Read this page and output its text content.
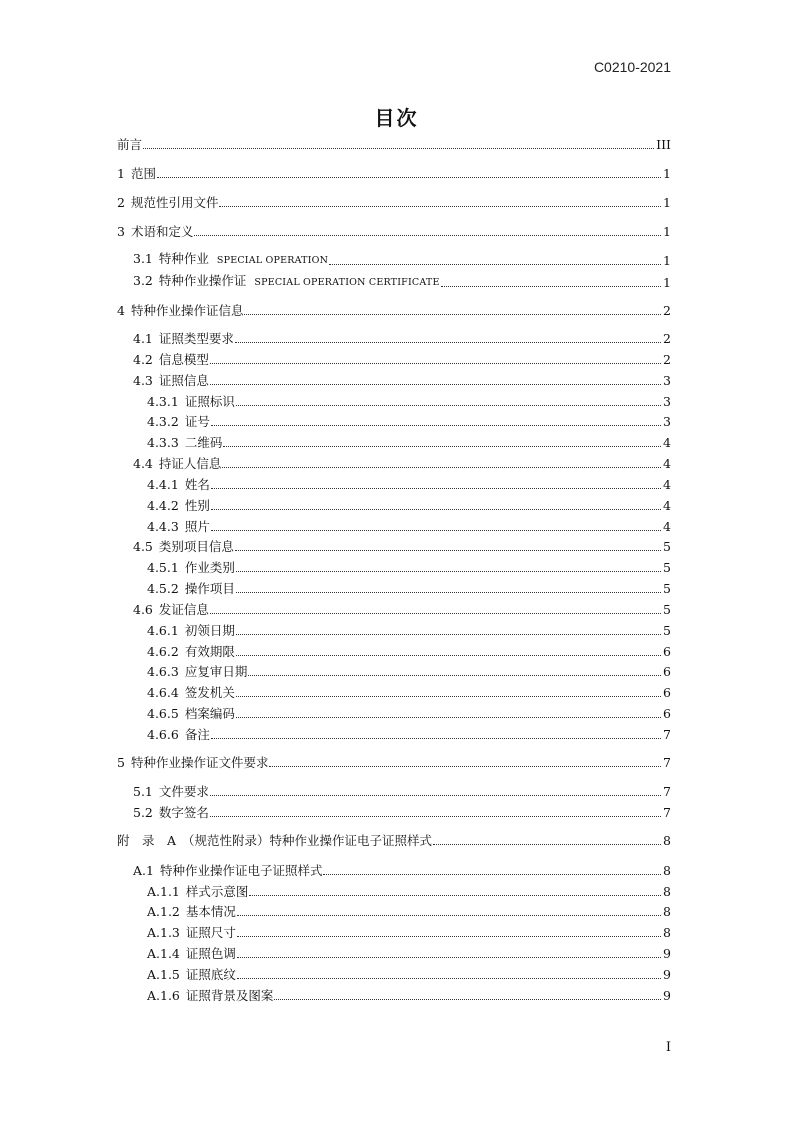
C0210-2021
目次
前言	III
1 范围	1
2 规范性引用文件	1
3 术语和定义	1
3.1 特种作业 SPECIAL OPERATION	1
3.2 特种作业操作证 SPECIAL OPERATION CERTIFICATE	1
4 特种作业操作证信息	2
4.1 证照类型要求	2
4.2 信息模型	2
4.3 证照信息	3
4.3.1 证照标识	3
4.3.2 证号	3
4.3.3 二维码	4
4.4 持证人信息	4
4.4.1 姓名	4
4.4.2 性别	4
4.4.3 照片	4
4.5 类别项目信息	5
4.5.1 作业类别	5
4.5.2 操作项目	5
4.6 发证信息	5
4.6.1 初领日期	5
4.6.2 有效期限	6
4.6.3 应复审日期	6
4.6.4 签发机关	6
4.6.5 档案编码	6
4.6.6 备注	7
5 特种作业操作证文件要求	7
5.1 文件要求	7
5.2 数字签名	7
附　录　A （规范性附录）特种作业操作证电子证照样式	8
A.1 特种作业操作证电子证照样式	8
A.1.1 样式示意图	8
A.1.2 基本情况	8
A.1.3 证照尺寸	8
A.1.4 证照色调	9
A.1.5 证照底纹	9
A.1.6 证照背景及图案	9
I
